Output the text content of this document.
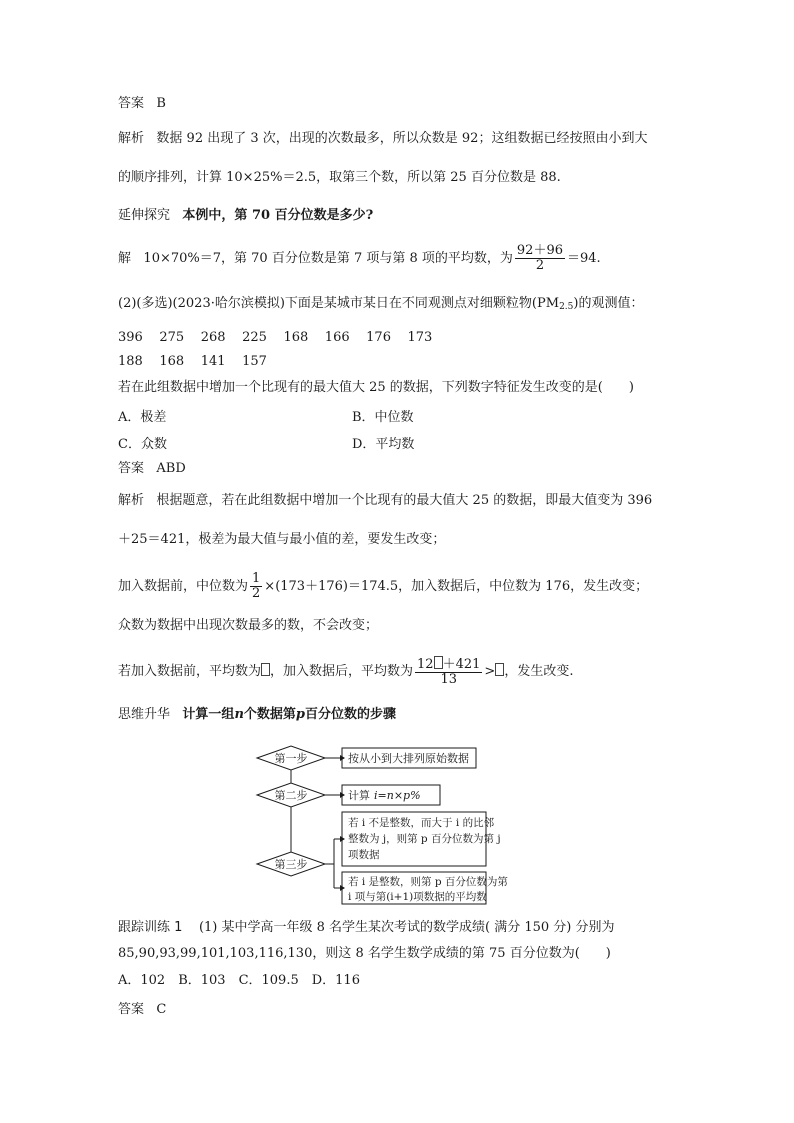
答案 B
解析 数据 92 出现了 3 次，出现的次数最多，所以众数是 92；这组数据已经按照由小到大
的顺序排列，计算 10×25%＝2.5，取第三个数，所以第 25 百分位数是 88.
延伸探究 本例中，第 70 百分位数是多少?
解 10×70%＝7，第 70 百分位数是第 7 项与第 8 项的平均数，为 $\frac{92+96}{2} =94$.
(2)(多选)(2023·哈尔滨模拟)下面是某城市某日在不同观测点对细颗粒物$(PM_{2.5})$的观测值：
396 275 268 225 168 166 176 173
188 168 141 157
若在此组数据中增加一个比现有的最大值大 25 的数据，下列数字特征发生改变的是(　　)
A．极差	B．中位数
C．众数	D．平均数
答案 ABD
解析 根据题意，若在此组数据中增加一个比现有的最大值大 25 的数据，即最大值变为 396
＋25＝421，极差为最大值与最小值的差，要发生改变；
加入数据前，中位数为 $\frac{1}{2} \times(173+176)=174.5$，加入数据后，中位数为 176，发生改变；
众数为数据中出现次数最多的数，不会改变；
若加入数据前，平均数为 ，加入数据后，平均数为 $\frac{12 +421}{13}$ > ，发生改变.
思维升华 计算一组n个数据第p百分位数的步骤
第一步
第二步
第三步
按从小到大排列原始数据
计算 i=n×p%
若 i 不是整数，而大于 i 的比邻
整数为 j，则第 p 百分位数为第 j
项数据
若 i 是整数，则第 p 百分位数为第
i 项与第(i+1)项数据的平均数
跟踪训练 1 (1) 某中学高一年级 8 名学生某次考试的数学成绩( 满分 150 分) 分别为
85,90,93,99,101,103,116,130，则这 8 名学生数学成绩的第 75 百分位数为(　　)
A．102　B．103　C．109.5　D．116
答案 C
